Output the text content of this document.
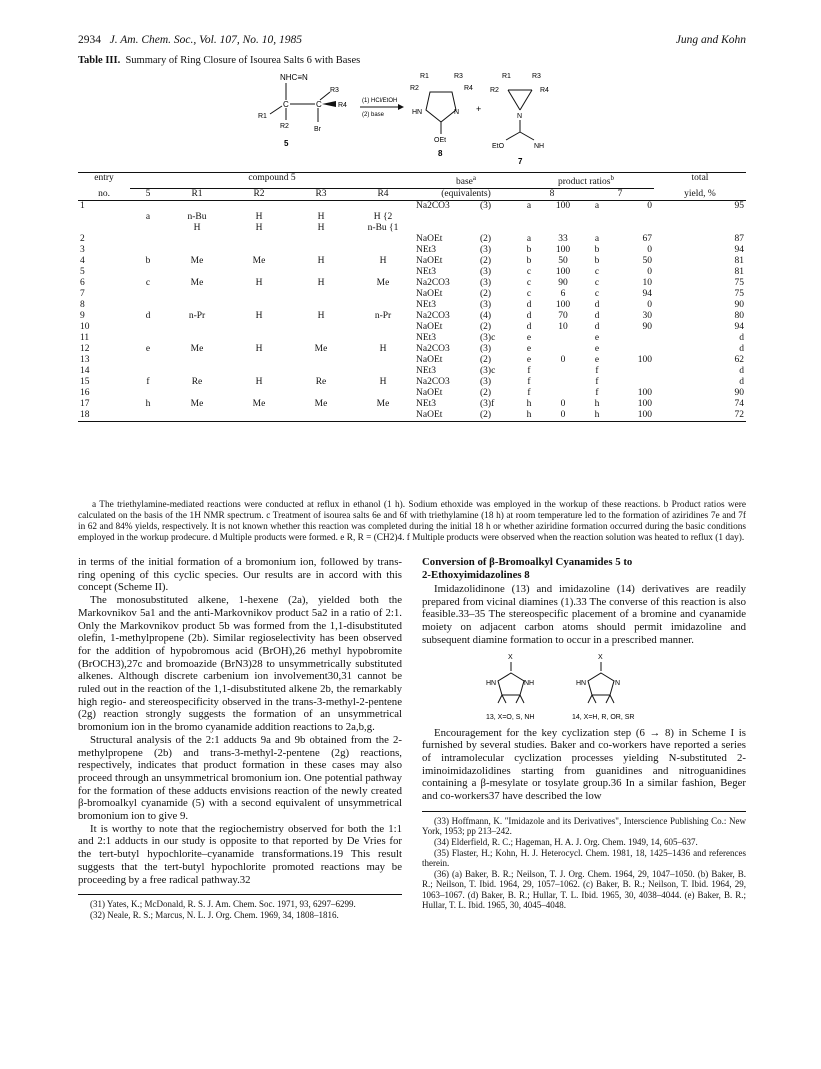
2934 J. Am. Chem. Soc., Vol. 107, No. 10, 1985	Jung and Kohn
Table III. Summary of Ring Closure of Isourea Salts 6 with Bases
NHC≡N
C	C
R3
R4
R1
R2	Br
5
(1) HCl/EtOH
(2) base
R1	R3
R2	R4
HN	N
OEt
8
+
R1	R3
R2	R4
N
EtO	NH
7

entry	compound 5					base$^a$		product ratios$^b$				total
no.	5	R1	R2	R3	R4	(equivalents)		8		7		yield, %

1						Na2CO3	(3)	a	100	a	0	95
	a	n-Bu	H	H	H {2							
		H	H	H	n-Bu {1							
2						NaOEt	(2)	a	33	a	67	87
3						NEt3	(3)	b	100	b	0	94
4	b	Me	Me	H	H	NaOEt	(2)	b	50	b	50	81
5						NEt3	(3)	c	100	c	0	81
6	c	Me	H	H	Me	Na2CO3	(3)	c	90	c	10	75
7						NaOEt	(2)	c	6	c	94	75
8						NEt3	(3)	d	100	d	0	90
9	d	n-Pr	H	H	n-Pr	Na2CO3	(4)	d	70	d	30	80
10						NaOEt	(2)	d	10	d	90	94
11						NEt3	(3)c	e		e		d
12	e	Me	H	Me	H	Na2CO3	(3)	e		e		d
13						NaOEt	(2)	e	0	e	100	62
14						NEt3	(3)c	f		f		d
15	f	Re	H	Re	H	Na2CO3	(3)	f		f		d
16						NaOEt	(2)	f		f	100	90
17	h	Me	Me	Me	Me	NEt3	(3)f	h	0	h	100	74
18						NaOEt	(2)	h	0	h	100	72

a The triethylamine-mediated reactions were conducted at reflux in ethanol (1 h). Sodium ethoxide was employed in the workup of these reactions. b Product ratios were calculated on the basis of the 1H NMR spectrum. c Treatment of isourea salts 6e and 6f with triethylamine (18 h) at room temperature led to the formation of aziridines 7e and 7f in 62 and 84% yields, respectively. It is not known whether this reaction was completed during the initial 18 h or whether aziridine formation occurred during the basic conditions employed in the workup prodecure. d Multiple products were formed. e R, R = (CH2)4. f Multiple products were observed when the reaction solution was heated to reflux (1 day).

in terms of the initial formation of a bromonium ion, followed by trans-ring opening of this cyclic species. Our results are in accord with this concept (Scheme II).

The monosubstituted alkene, 1-hexene (2a), yielded both the Markovnikov 5a1 and the anti-Markovnikov product 5a2 in a ratio of 2:1. Only the Markovnikov product 5b was formed from the 1,1-disubstituted olefin, 1-methylpropene (2b). Similar regioselectivity has been observed for the addition of hypobromous acid (BrOH),26 methyl hypobromite (BrOCH3),27c and bromoazide (BrN3)28 to unsymmetrically substituted alkenes. Although discrete carbenium ion involvement30,31 cannot be ruled out in the reaction of the 1,1-disubstituted alkene 2b, the remarkably high regio- and stereospecificity observed in the trans-3-methyl-2-pentene (2g) reaction strongly suggests the formation of an unsymmetrical bromonium ion in the bromo cyanamide addition reactions to 2a,b,g.

Structural analysis of the 2:1 adducts 9a and 9b obtained from the 2-methylpropene (2b) and trans-3-methyl-2-pentene (2g) reactions, respectively, indicates that product formation in these cases may also proceed through an unsymmetrical bromonium ion. One potential pathway for the formation of these adducts envisions reaction of the newly created β-bromoalkyl cyanamide (5) with a second equivalent of unsymmetrical bromonium ion to give 9.

It is worthy to note that the regiochemistry observed for both the 1:1 and 2:1 adducts in our study is opposite to that reported by De Vries for the tert-butyl hypochlorite–cyanamide transformations.19 This result suggests that the tert-butyl hypochlorite promoted reactions may be proceeding by a free radical pathway.32

(31) Yates, K.; McDonald, R. S. J. Am. Chem. Soc. 1971, 93, 6297–6299.

(32) Neale, R. S.; Marcus, N. L. J. Org. Chem. 1969, 34, 1808–1816.

Conversion of β-Bromoalkyl Cyanamides 5 to
2-Ethoxyimidazolines 8

Imidazolidinone (13) and imidazoline (14) derivatives are readily prepared from vicinal diamines (1).33 The converse of this reaction is also feasible.33–35 The stereospecific placement of a bromine and cyanamide moiety on adjacent carbon atoms should permit imidazoline and subsequent diamine formation to occur in a prescribed manner.

X
HN	NH
13, X=O, S, NH
X
HN	N
14, X=H, R, OR, SR

Encouragement for the key cyclization step (6 → 8) in Scheme I is furnished by several studies. Baker and co-workers have reported a series of intramolecular cyclization processes yielding N-substituted 2-iminoimidazolidines starting from guanidines and nitroguanidines containing a β-mesylate or tosylate group.36 In a similar fashion, Beger and co-workers37 have described the low

(33) Hoffmann, K. "Imidazole and its Derivatives", Interscience Publishing Co.: New York, 1953; pp 213–242.

(34) Elderfield, R. C.; Hageman, H. A. J. Org. Chem. 1949, 14, 605–637.

(35) Flaster, H.; Kohn, H. J. Heterocycl. Chem. 1981, 18, 1425–1436 and references therein.

(36) (a) Baker, B. R.; Neilson, T. J. Org. Chem. 1964, 29, 1047–1050. (b) Baker, B. R.; Neilson, T. Ibid. 1964, 29, 1057–1062. (c) Baker, B. R.; Neilson, T. Ibid. 1964, 29, 1063–1067. (d) Baker, B. R.; Hullar, T. L. Ibid. 1965, 30, 4038–4044. (e) Baker, B. R.; Hullar, T. L. Ibid. 1965, 30, 4045–4048.
